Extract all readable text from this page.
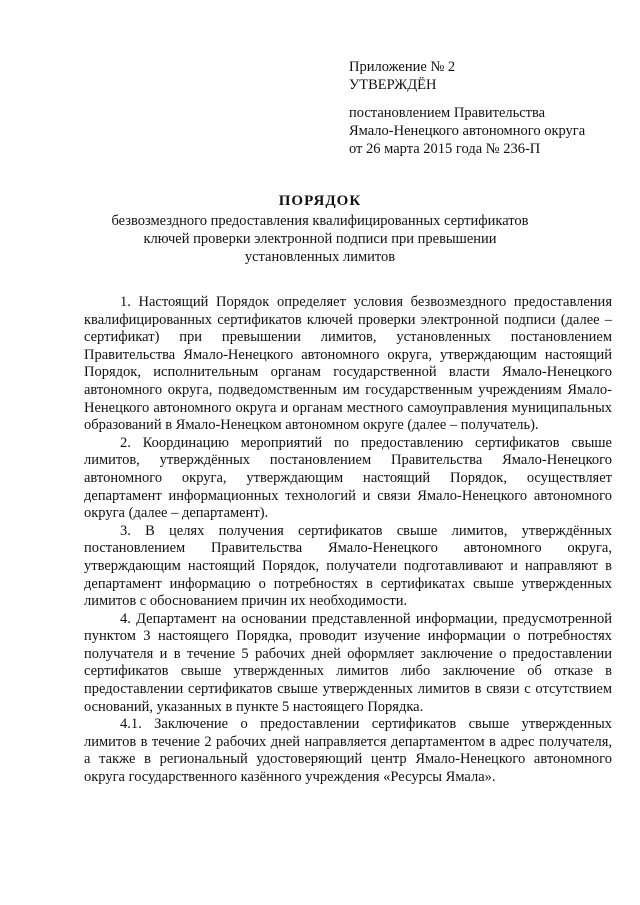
Приложение № 2
УТВЕРЖДЁН
постановлением Правительства
Ямало-Ненецкого автономного округа
от 26 марта 2015 года № 236-П
ПОРЯДОК
безвозмездного предоставления квалифицированных сертификатов
ключей проверки электронной подписи при превышении
установленных лимитов

1. Настоящий Порядок определяет условия безвозмездного предоставления квалифицированных сертификатов ключей проверки электронной подписи (далее – сертификат) при превышении лимитов, установленных постановлением Правительства Ямало-Ненецкого автономного округа, утверждающим настоящий Порядок, исполнительным органам государственной власти Ямало-Ненецкого автономного округа, подведомственным им государственным учреждениям Ямало-Ненецкого автономного округа и органам местного самоуправления муниципальных образований в Ямало-Ненецком автономном округе (далее – получатель).

2. Координацию мероприятий по предоставлению сертификатов свыше лимитов, утверждённых постановлением Правительства Ямало-Ненецкого автономного округа, утверждающим настоящий Порядок, осуществляет департамент информационных технологий и связи Ямало-Ненецкого автономного округа (далее – департамент).

3. В целях получения сертификатов свыше лимитов, утверждённых постановлением Правительства Ямало-Ненецкого автономного округа, утверждающим настоящий Порядок, получатели подготавливают и направляют в департамент информацию о потребностях в сертификатах свыше утвержденных лимитов с обоснованием причин их необходимости.

4. Департамент на основании представленной информации, предусмотренной пунктом 3 настоящего Порядка, проводит изучение информации о потребностях получателя и в течение 5 рабочих дней оформляет заключение о предоставлении сертификатов свыше утвержденных лимитов либо заключение об отказе в предоставлении сертификатов свыше утвержденных лимитов в связи с отсутствием оснований, указанных в пункте 5 настоящего Порядка.

4.1. Заключение о предоставлении сертификатов свыше утвержденных лимитов в течение 2 рабочих дней направляется департаментом в адрес получателя, а также в региональный удостоверяющий центр Ямало-Ненецкого автономного округа государственного казённого учреждения «Ресурсы Ямала».
